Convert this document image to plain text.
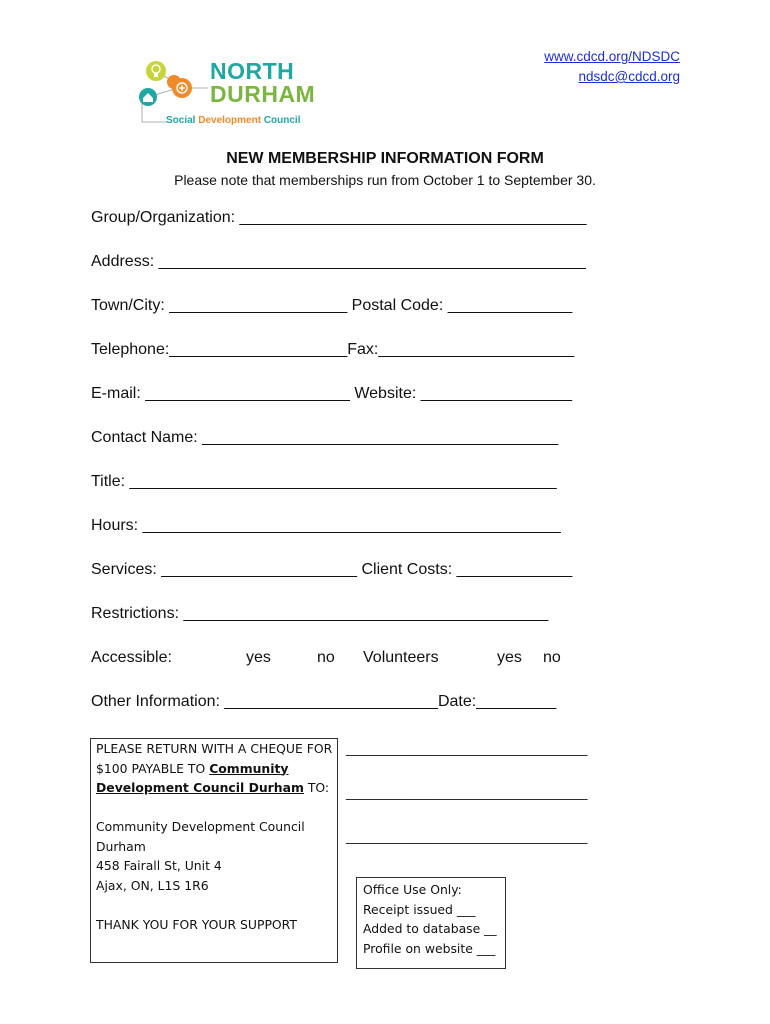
www.cdcd.org/NDSDC
ndsdc@cdcd.org
NORTH
DURHAM
Social Development Council
NEW MEMBERSHIP INFORMATION FORM
Please note that memberships run from October 1 to September 30.
Group/Organization: _______________________________________
Address: ________________________________________________
Town/City: ____________________ Postal Code: ______________
Telephone:____________________Fax:______________________
E-mail: _______________________ Website: _________________
Contact Name: ________________________________________
Title: ________________________________________________
Hours: _______________________________________________
Services: ______________________ Client Costs: _____________
Restrictions: _________________________________________
Accessible:	yes	no Volunteers	yes no
Other Information: ________________________Date:_________

PLEASE RETURN WITH A CHEQUE FOR

$100 PAYABLE TO Community

Development Council Durham TO:

Community Development Council

Durham

458 Fairall St, Unit 4

Ajax, ON, L1S 1R6

THANK YOU FOR YOUR SUPPORT

_______________________________
_______________________________
_______________________________

Office Use Only:

Receipt issued ___

Added to database __

Profile on website ___
